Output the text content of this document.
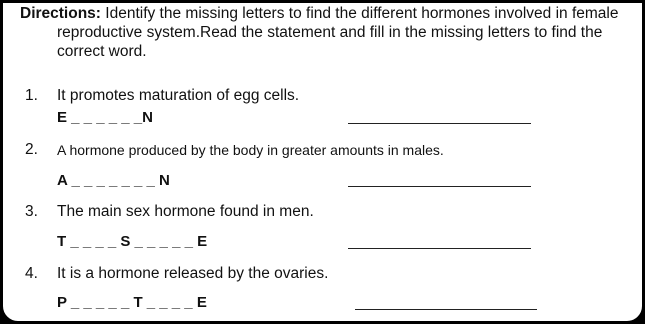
Directions: Identify the missing letters to find the different hormones involved in female
reproductive system.Read the statement and fill in the missing letters to find the
correct word.
1. It promotes maturation of egg cells.
E _ _ _ _ _ _N
2. A hormone produced by the body in greater amounts in males.
A _ _ _ _ _ _ _ N
3. The main sex hormone found in men.
T _ _ _ _ S _ _ _ _ _ E
4. It is a hormone released by the ovaries.
P _ _ _ _ _ T _ _ _ _ E
